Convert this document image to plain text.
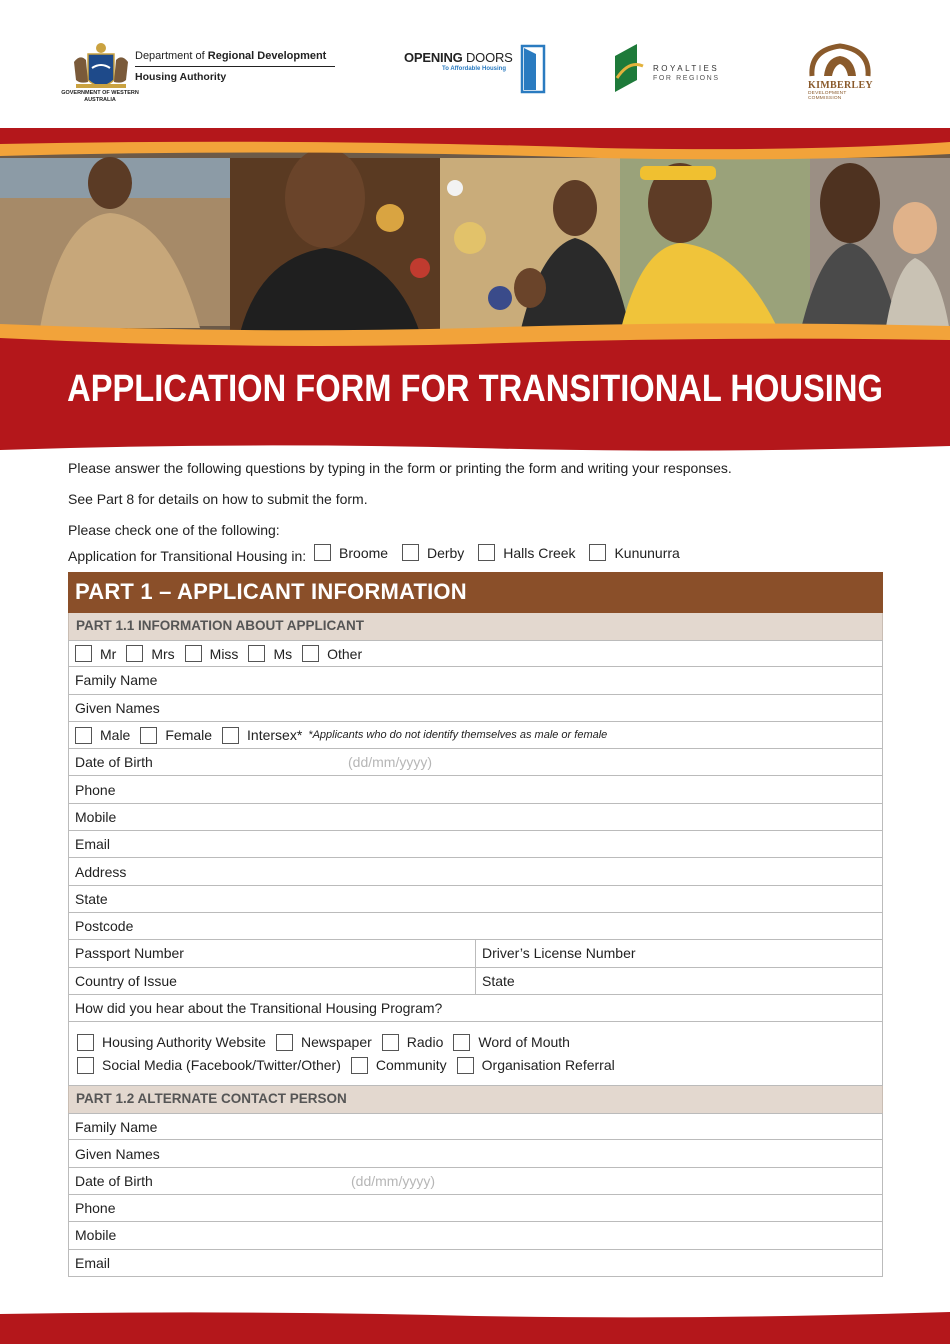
GOVERNMENT OF WESTERN AUSTRALIA
Department of Regional Development
Housing Authority
OPENING DOORS
To Affordable Housing	ROYALTIES
FOR REGIONS
KIMBERLEY
DEVELOPMENT COMMISSION
APPLICATION FORM FOR TRANSITIONAL HOUSING
Please answer the following questions by typing in the form or printing the form and writing your responses.
See Part 8 for details on how to submit the form.
Please check one of the following:
Application for Transitional Housing in: Broome
	Derby
	Halls Creek
	Kununurra
PART 1 – APPLICANT INFORMATION
PART 1.1 INFORMATION ABOUT APPLICANT
Mr	Mrs	Miss	Ms	Other
Family Name
Given Names
Male	Female	Intersex* *Applicants who do not identify themselves as male or female
Date of Birth	(dd/mm/yyyy)
Phone
Mobile
Email
Address
State
Postcode
Passport Number	Driver’s License Number
Country of Issue	State
How did you hear about the Transitional Housing Program?
Housing Authority Website	Newspaper	Radio	Word of Mouth
Social Media (Facebook/Twitter/Other)	Community	Organisation Referral
PART 1.2 ALTERNATE CONTACT PERSON
Family Name
Given Names
Date of Birth	(dd/mm/yyyy)
Phone
Mobile
Email
